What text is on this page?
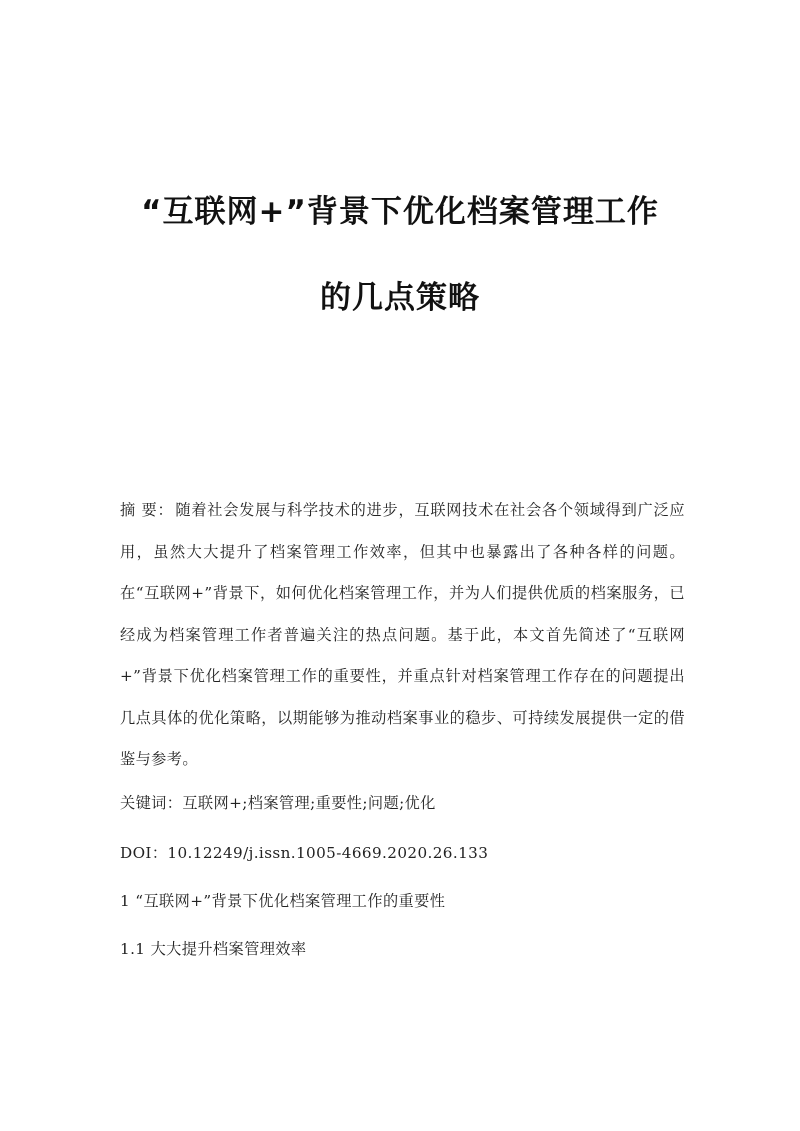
“互联网+”背景下优化档案管理工作
的几点策略

摘 要： 随着社会发展与科学技术的进步，互联网技术在社会各个领域得到广泛应用，虽然大大提升了档案管理工作效率，但其中也暴露出了各种各样的问题。在“互联网+”背景下，如何优化档案管理工作，并为人们提供优质的档案服务，已经成为档案管理工作者普遍关注的热点问题。基于此，本文首先简述了“互联网+”背景下优化档案管理工作的重要性，并重点针对档案管理工作存在的问题提出几点具体的优化策略，以期能够为推动档案事业的稳步、可持续发展提供一定的借鉴与参考。

关键词：互联网+;档案管理;重要性;问题;优化

DOI：10.12249/j.issn.1005-4669.2020.26.133

1 “互联网+”背景下优化档案管理工作的重要性

1.1 大大提升档案管理效率
